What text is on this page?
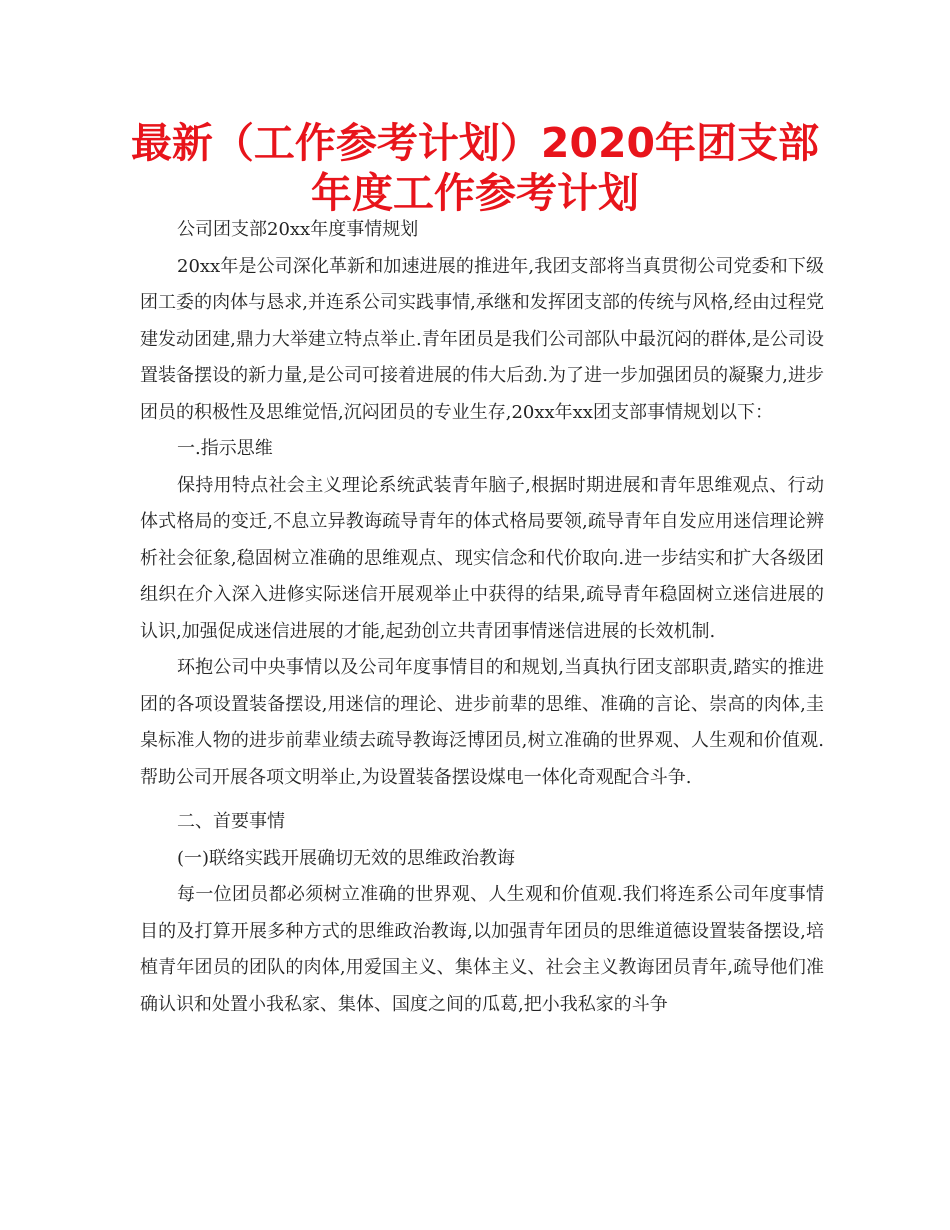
最新（工作参考计划）2020年团支部年度工作参考计划

公司团支部20xx年度事情规划

20xx年是公司深化革新和加速进展的推进年,我团支部将当真贯彻公司党委和下级团工委的肉体与恳求,并连系公司实践事情,承继和发挥团支部的传统与风格,经由过程党建发动团建,鼎力大举建立特点举止.青年团员是我们公司部队中最沉闷的群体,是公司设置装备摆设的新力量,是公司可接着进展的伟大后劲.为了进一步加强团员的凝聚力,进步团员的积极性及思维觉悟,沉闷团员的专业生存,20xx年xx团支部事情规划以下：

一.指示思维

保持用特点社会主义理论系统武装青年脑子,根据时期进展和青年思维观点、行动体式格局的变迁,不息立异教诲疏导青年的体式格局要领,疏导青年自发应用迷信理论辨析社会征象,稳固树立准确的思维观点、现实信念和代价取向.进一步结实和扩大各级团组织在介入深入进修实际迷信开展观举止中获得的结果,疏导青年稳固树立迷信进展的认识,加强促成迷信进展的才能,起劲创立共青团事情迷信进展的长效机制.

环抱公司中央事情以及公司年度事情目的和规划,当真执行团支部职责,踏实的推进团的各项设置装备摆设,用迷信的理论、进步前辈的思维、准确的言论、崇高的肉体,圭臬标准人物的进步前辈业绩去疏导教诲泛博团员,树立准确的世界观、人生观和价值观.帮助公司开展各项文明举止,为设置装备摆设煤电一体化奇观配合斗争.

二、首要事情

(一)联络实践开展确切无效的思维政治教诲

每一位团员都必须树立准确的世界观、人生观和价值观.我们将连系公司年度事情目的及打算开展多种方式的思维政治教诲,以加强青年团员的思维道德设置装备摆设,培植青年团员的团队的肉体,用爱国主义、集体主义、社会主义教诲团员青年,疏导他们准确认识和处置小我私家、集体、国度之间的瓜葛,把小我私家的斗争
